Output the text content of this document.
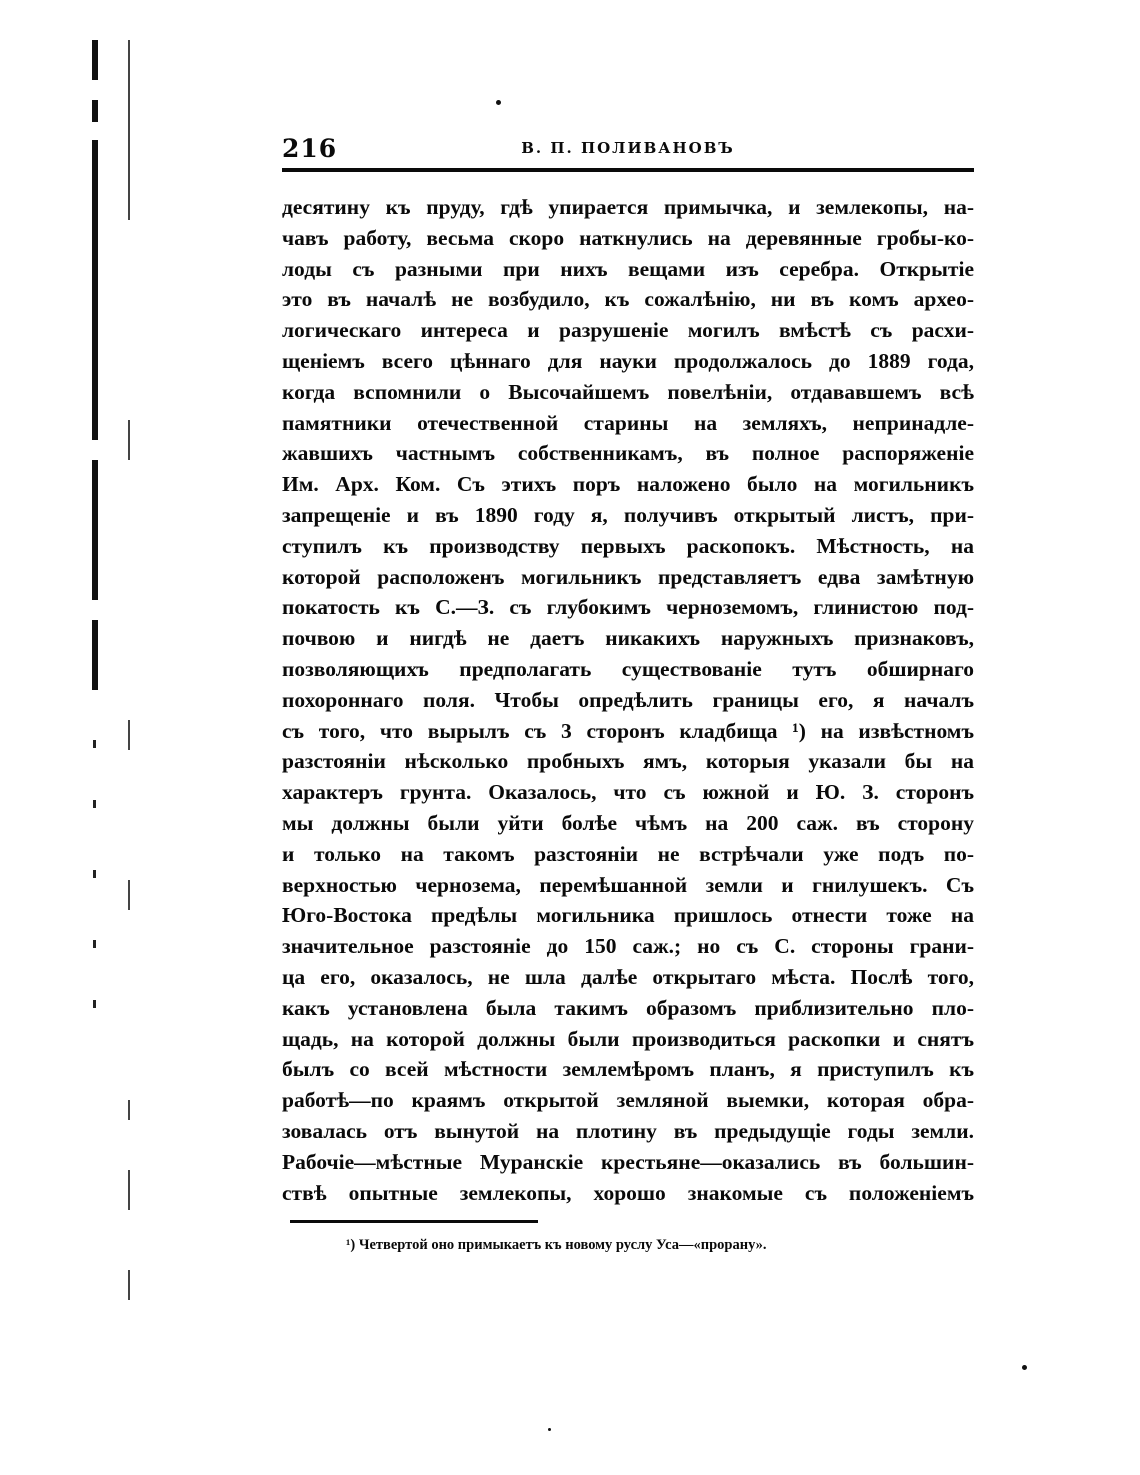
216	В. П. ПОЛИВАНОВЪ
десятину къ пруду, гдѣ упирается примычка, и землекопы, на-
чавъ работу, весьма скоро наткнулись на деревянные гробы-ко-
лоды съ разными при нихъ вещами изъ серебра. Открытіе
это въ началѣ не возбудило, къ сожалѣнію, ни въ комъ археo-
логическаго интереса и разрушеніе могилъ вмѣстѣ съ расхи-
щеніемъ всего цѣннаго для науки продолжалось до 1889 года,
когда вспомнили о Высочайшемъ повелѣніи, отдававшемъ всѣ
памятники отечественной старины на земляхъ, непринадле-
жавшихъ частнымъ собственникамъ, въ полное распоряженіе
Им. Арх. Ком. Съ этихъ поръ наложено было на могильникъ
запрещеніе и въ 1890 году я, получивъ открытый листъ, при-
ступилъ къ производству первыхъ раскопокъ. Мѣстность, на
которой расположенъ могильникъ представляетъ едва замѣтную
покатость къ С.—З. съ глубокимъ черноземомъ, глинистою под-
почвою и нигдѣ не даетъ никакихъ наружныхъ признаковъ,
позволяющихъ предполагать существованіе тутъ обширнаго
похороннаго поля. Чтобы опредѣлить границы его, я началъ
съ того, что вырылъ съ 3 сторонъ кладбища ¹) на извѣстномъ
разстояніи нѣсколько пробныхъ ямъ, которыя указали бы на
характеръ грунта. Оказалось, что съ южной и Ю. З. сторонъ
мы должны были уйти болѣе чѣмъ на 200 саж. въ сторону
и только на такомъ разстояніи не встрѣчали уже подъ по-
верхностью чернозема, перемѣшанной земли и гнилушекъ. Съ
Юго-Востока предѣлы могильника пришлось отнести тоже на
значительное разстояніе до 150 саж.; но съ С. стороны грани-
ца его, оказалось, не шла далѣе открытаго мѣста. Послѣ того,
какъ установлена была такимъ образомъ приблизительно пло-
щадь, на которой должны были производиться раскопки и снятъ
былъ со всей мѣстности землемѣромъ планъ, я приступилъ къ
работѣ—по краямъ открытой земляной выемки, которая обра-
зовалась отъ вынутой на плотину въ предыдущіе годы земли.
Рабочіе—мѣстные Муранскіе крестьяне—оказались въ большин-
ствѣ опытные землекопы, хорошо знакомые съ положеніемъ
¹) Четвертой оно примыкаетъ къ новому руслу Уса—«прорану».
